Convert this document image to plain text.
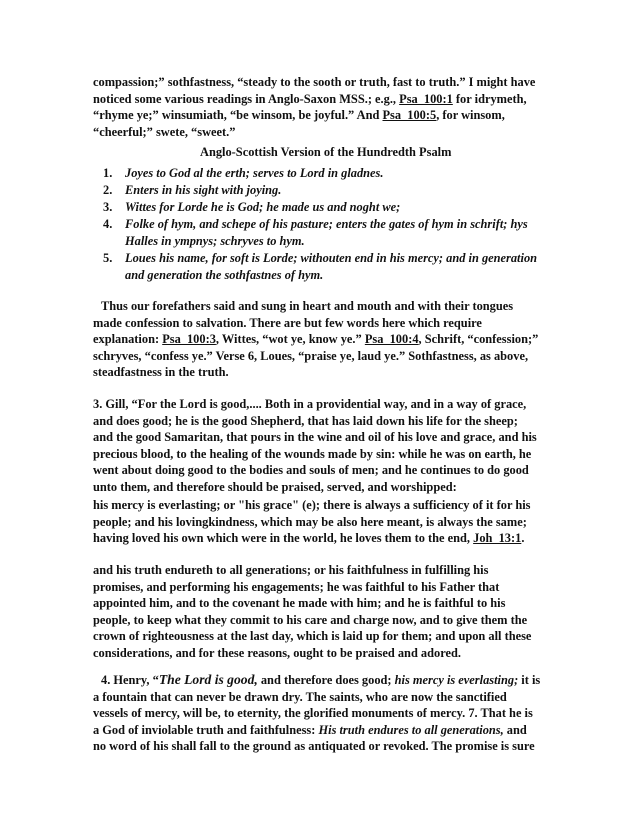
compassion;” sothfastness, “steady to the sooth or truth, fast to truth.” I might have
noticed some various readings in Anglo-Saxon MSS.; e.g., Psa_100:1 for idrymeth,
“rhyme ye;” winsumiath, “be winsom, be joyful.” And Psa_100:5, for winsom,
“cheerful;” swete, “sweet.”
Anglo-Scottish Version of the Hundredth Psalm
1.	Joyes to God al the erth; serves to Lord in gladnes.
2.	Enters in his sight with joying.
3.	Wittes for Lorde he is God; he made us and noght we;
4.	Folke of hym, and schepe of his pasture; enters the gates of hym in schrift; hys
Halles in ympnys; schryves to hym.
5.	Loues his name, for soft is Lorde; withouten end in his mercy; and in generation
and generation the sothfastnes of hym.
Thus our forefathers said and sung in heart and mouth and with their tongues
made confession to salvation. There are but few words here which require
explanation: Psa_100:3, Wittes, “wot ye, know ye.” Psa_100:4, Schrift, “confession;”
schryves, “confess ye.” Verse 6, Loues, “praise ye, laud ye.” Sothfastness, as above,
steadfastness in the truth.
3. Gill, “For the Lord is good,.... Both in a providential way, and in a way of grace,
and does good; he is the good Shepherd, that has laid down his life for the sheep;
and the good Samaritan, that pours in the wine and oil of his love and grace, and his
precious blood, to the healing of the wounds made by sin: while he was on earth, he
went about doing good to the bodies and souls of men; and he continues to do good
unto them, and therefore should be praised, served, and worshipped:
his mercy is everlasting; or "his grace" (e); there is always a sufficiency of it for his
people; and his lovingkindness, which may be also here meant, is always the same;
having loved his own which were in the world, he loves them to the end, Joh_13:1.
and his truth endureth to all generations; or his faithfulness in fulfilling his
promises, and performing his engagements; he was faithful to his Father that
appointed him, and to the covenant he made with him; and he is faithful to his
people, to keep what they commit to his care and charge now, and to give them the
crown of righteousness at the last day, which is laid up for them; and upon all these
considerations, and for these reasons, ought to be praised and adored.
4. Henry, “The Lord is good, and therefore does good; his mercy is everlasting; it is
a fountain that can never be drawn dry. The saints, who are now the sanctified
vessels of mercy, will be, to eternity, the glorified monuments of mercy. 7. That he is
a God of inviolable truth and faithfulness: His truth endures to all generations, and
no word of his shall fall to the ground as antiquated or revoked. The promise is sure
